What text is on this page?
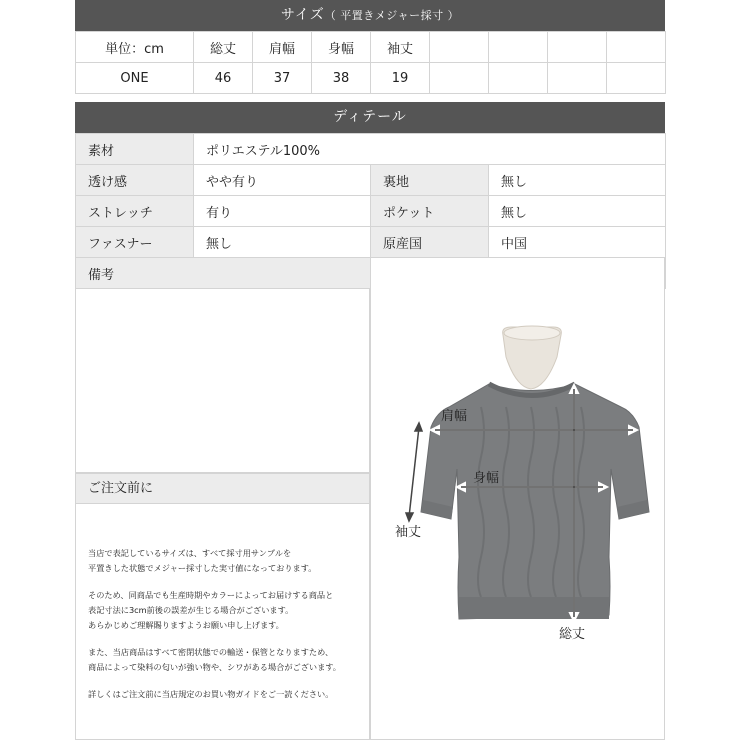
サイズ（ 平置きメジャー採寸 ）
単位：cm	総丈	肩幅	身幅	袖丈				
ONE	46	37	38	19				
ディテール
素材	ポリエステル100%		
透け感	やや有り	裏地	無し
ストレッチ	有り	ポケット	無し
ファスナー	無し	原産国	中国
備考			
ご注文前に

当店で表記しているサイズは、すべて採寸用サンプルを
平置きした状態でメジャー採寸した実寸値になっております。

そのため、同商品でも生産時期やカラーによってお届けする商品と
表記寸法に3cm前後の誤差が生じる場合がございます。
あらかじめご理解賜りますようお願い申し上げます。

また、当店商品はすべて密閉状態での輸送・保管となりますため、
商品によって染料の匂いが強い物や、シワがある場合がございます。

詳しくはご注文前に当店規定のお買い物ガイドをご一読ください。

肩幅
身幅
袖丈
総丈
